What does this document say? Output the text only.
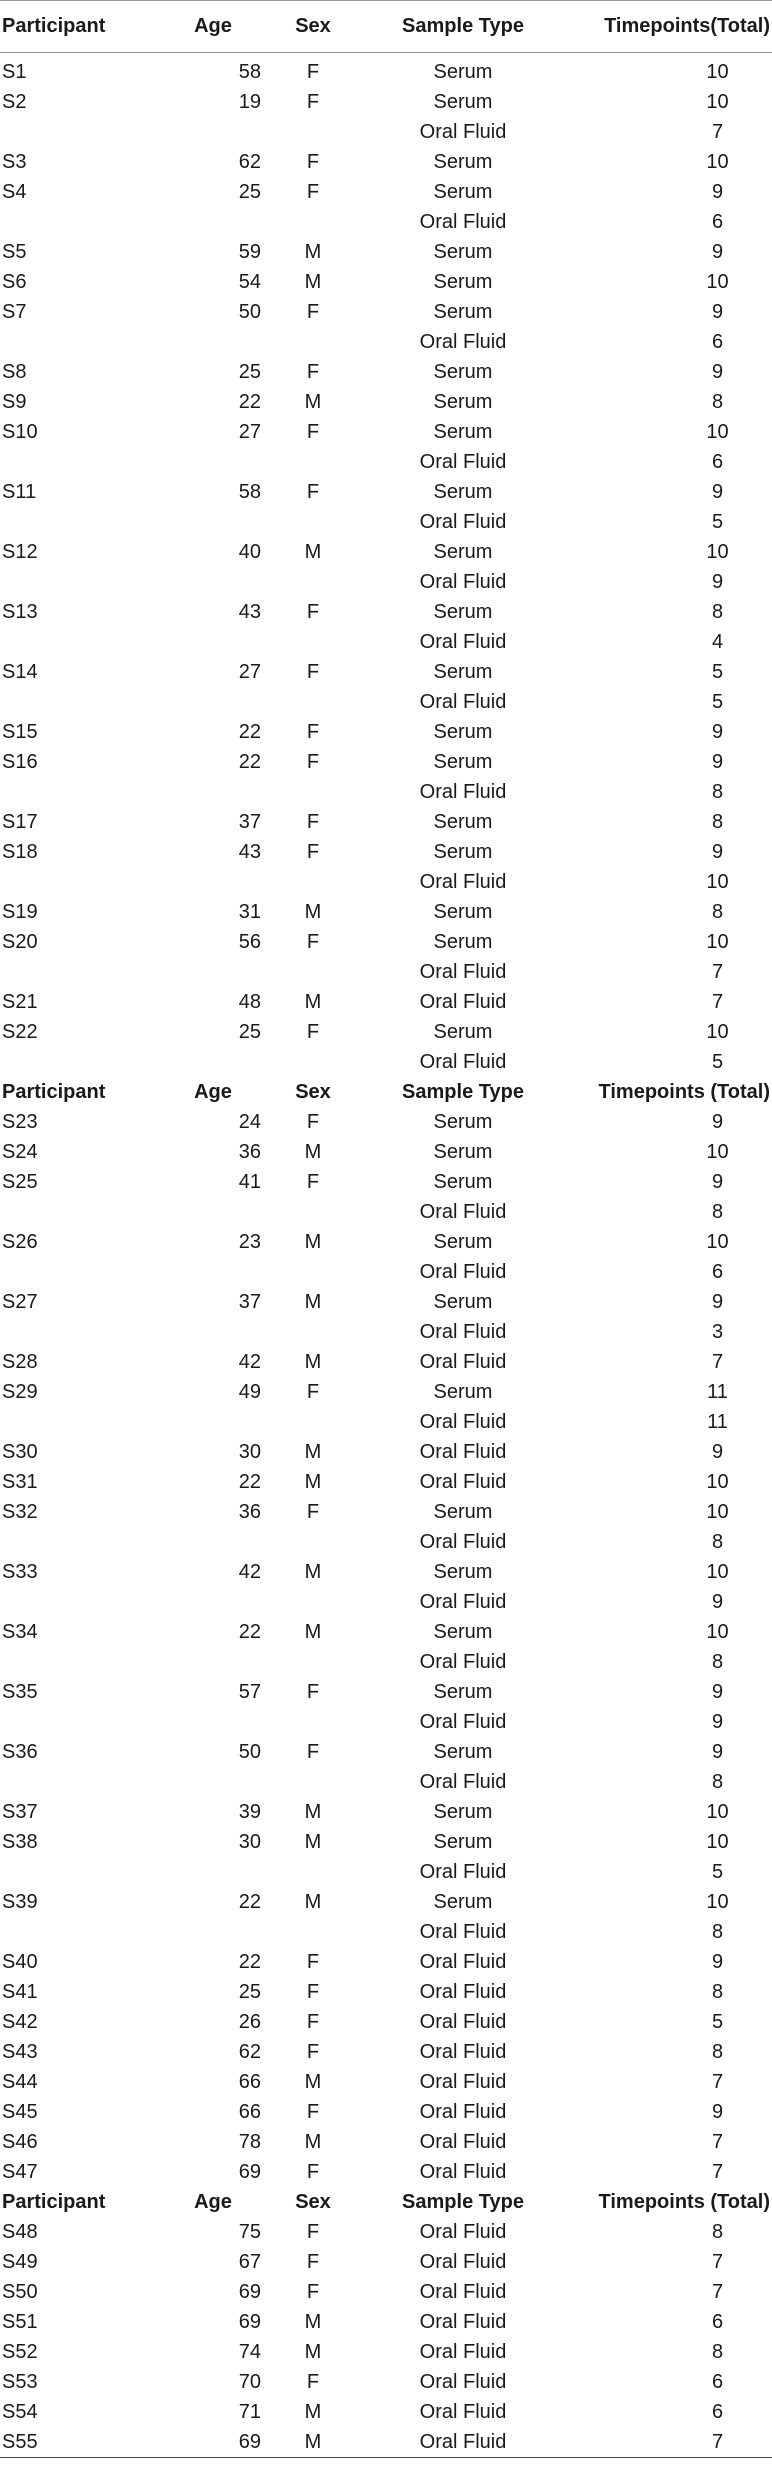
Participant	Age	Sex	Sample Type	Timepoints(Total)

S1	58	F	Serum	10
S2	19	F	Serum	10
			Oral Fluid	7
S3	62	F	Serum	10
S4	25	F	Serum	9
			Oral Fluid	6
S5	59	M	Serum	9
S6	54	M	Serum	10
S7	50	F	Serum	9
			Oral Fluid	6
S8	25	F	Serum	9
S9	22	M	Serum	8
S10	27	F	Serum	10
			Oral Fluid	6
S11	58	F	Serum	9
			Oral Fluid	5
S12	40	M	Serum	10
			Oral Fluid	9
S13	43	F	Serum	8
			Oral Fluid	4
S14	27	F	Serum	5
			Oral Fluid	5
S15	22	F	Serum	9
S16	22	F	Serum	9
			Oral Fluid	8
S17	37	F	Serum	8
S18	43	F	Serum	9
			Oral Fluid	10
S19	31	M	Serum	8
S20	56	F	Serum	10
			Oral Fluid	7
S21	48	M	Oral Fluid	7
S22	25	F	Serum	10
			Oral Fluid	5
Participant	Age	Sex	Sample Type	Timepoints (Total)
S23	24	F	Serum	9
S24	36	M	Serum	10
S25	41	F	Serum	9
			Oral Fluid	8
S26	23	M	Serum	10
			Oral Fluid	6
S27	37	M	Serum	9
			Oral Fluid	3
S28	42	M	Oral Fluid	7
S29	49	F	Serum	11
			Oral Fluid	11
S30	30	M	Oral Fluid	9
S31	22	M	Oral Fluid	10
S32	36	F	Serum	10
			Oral Fluid	8
S33	42	M	Serum	10
			Oral Fluid	9
S34	22	M	Serum	10
			Oral Fluid	8
S35	57	F	Serum	9
			Oral Fluid	9
S36	50	F	Serum	9
			Oral Fluid	8
S37	39	M	Serum	10
S38	30	M	Serum	10
			Oral Fluid	5
S39	22	M	Serum	10
			Oral Fluid	8
S40	22	F	Oral Fluid	9
S41	25	F	Oral Fluid	8
S42	26	F	Oral Fluid	5
S43	62	F	Oral Fluid	8
S44	66	M	Oral Fluid	7
S45	66	F	Oral Fluid	9
S46	78	M	Oral Fluid	7
S47	69	F	Oral Fluid	7
Participant	Age	Sex	Sample Type	Timepoints (Total)
S48	75	F	Oral Fluid	8
S49	67	F	Oral Fluid	7
S50	69	F	Oral Fluid	7
S51	69	M	Oral Fluid	6
S52	74	M	Oral Fluid	8
S53	70	F	Oral Fluid	6
S54	71	M	Oral Fluid	6
S55	69	M	Oral Fluid	7
